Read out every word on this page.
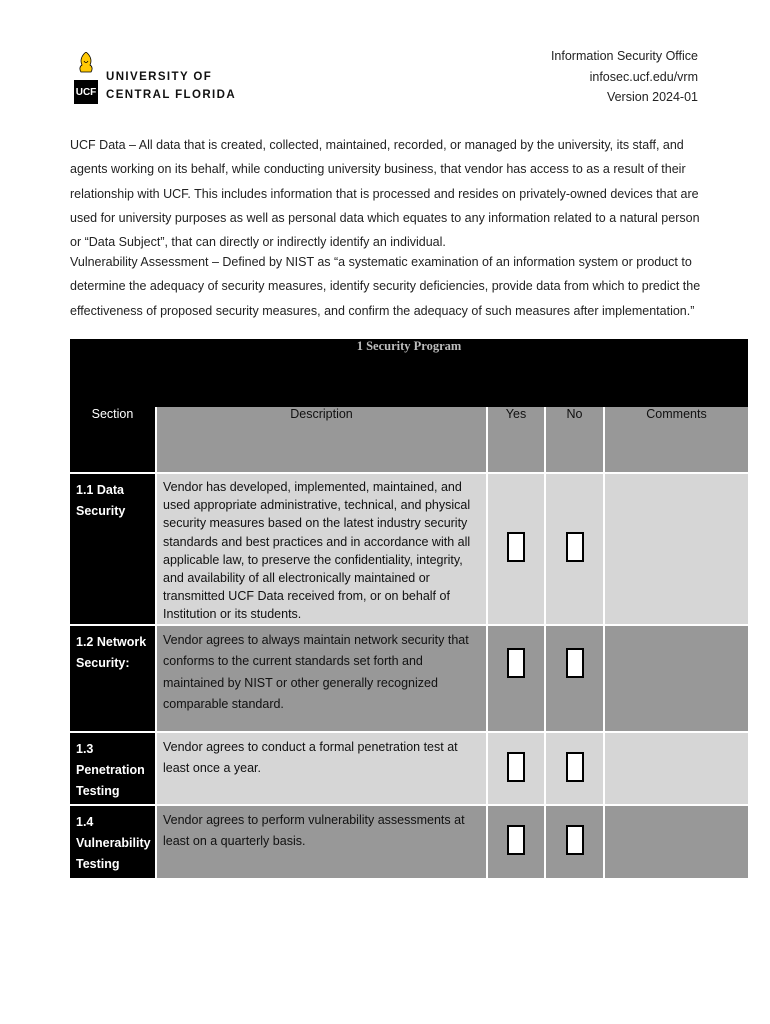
UCF
UNIVERSITY OF
CENTRAL FLORIDA
Information Security Office
infosec.ucf.edu/vrm
Version 2024-01
UCF Data – All data that is created, collected, maintained, recorded, or managed by the university, its staff, and agents working on its behalf, while conducting university business, that vendor has access to as a result of their relationship with UCF. This includes information that is processed and resides on privately-owned devices that are used for university purposes as well as personal data which equates to any information related to a natural person or “Data Subject”, that can directly or indirectly identify an individual.
Vulnerability Assessment – Defined by NIST as “a systematic examination of an information system or product to determine the adequacy of security measures, identify security deficiencies, provide data from which to predict the effectiveness of proposed security measures, and confirm the adequacy of such measures after implementation.”
1 Security Program				
Section	Description	Yes	No	Comments
1.1 Data Security	Vendor has developed, implemented, maintained, and used appropriate administrative, technical, and physical security measures based on the latest industry security standards and best practices and in accordance with all applicable law, to preserve the confidentiality, integrity, and availability of all electronically maintained or transmitted UCF Data received from, or on behalf of Institution or its students.			
1.2 Network Security:	Vendor agrees to always maintain network security that conforms to the current standards set forth and maintained by NIST or other generally recognized comparable standard.			
1.3 Penetration Testing	Vendor agrees to conduct a formal penetration test at least once a year.			
1.4 Vulnerability Testing	Vendor agrees to perform vulnerability assessments at least on a quarterly basis.			
